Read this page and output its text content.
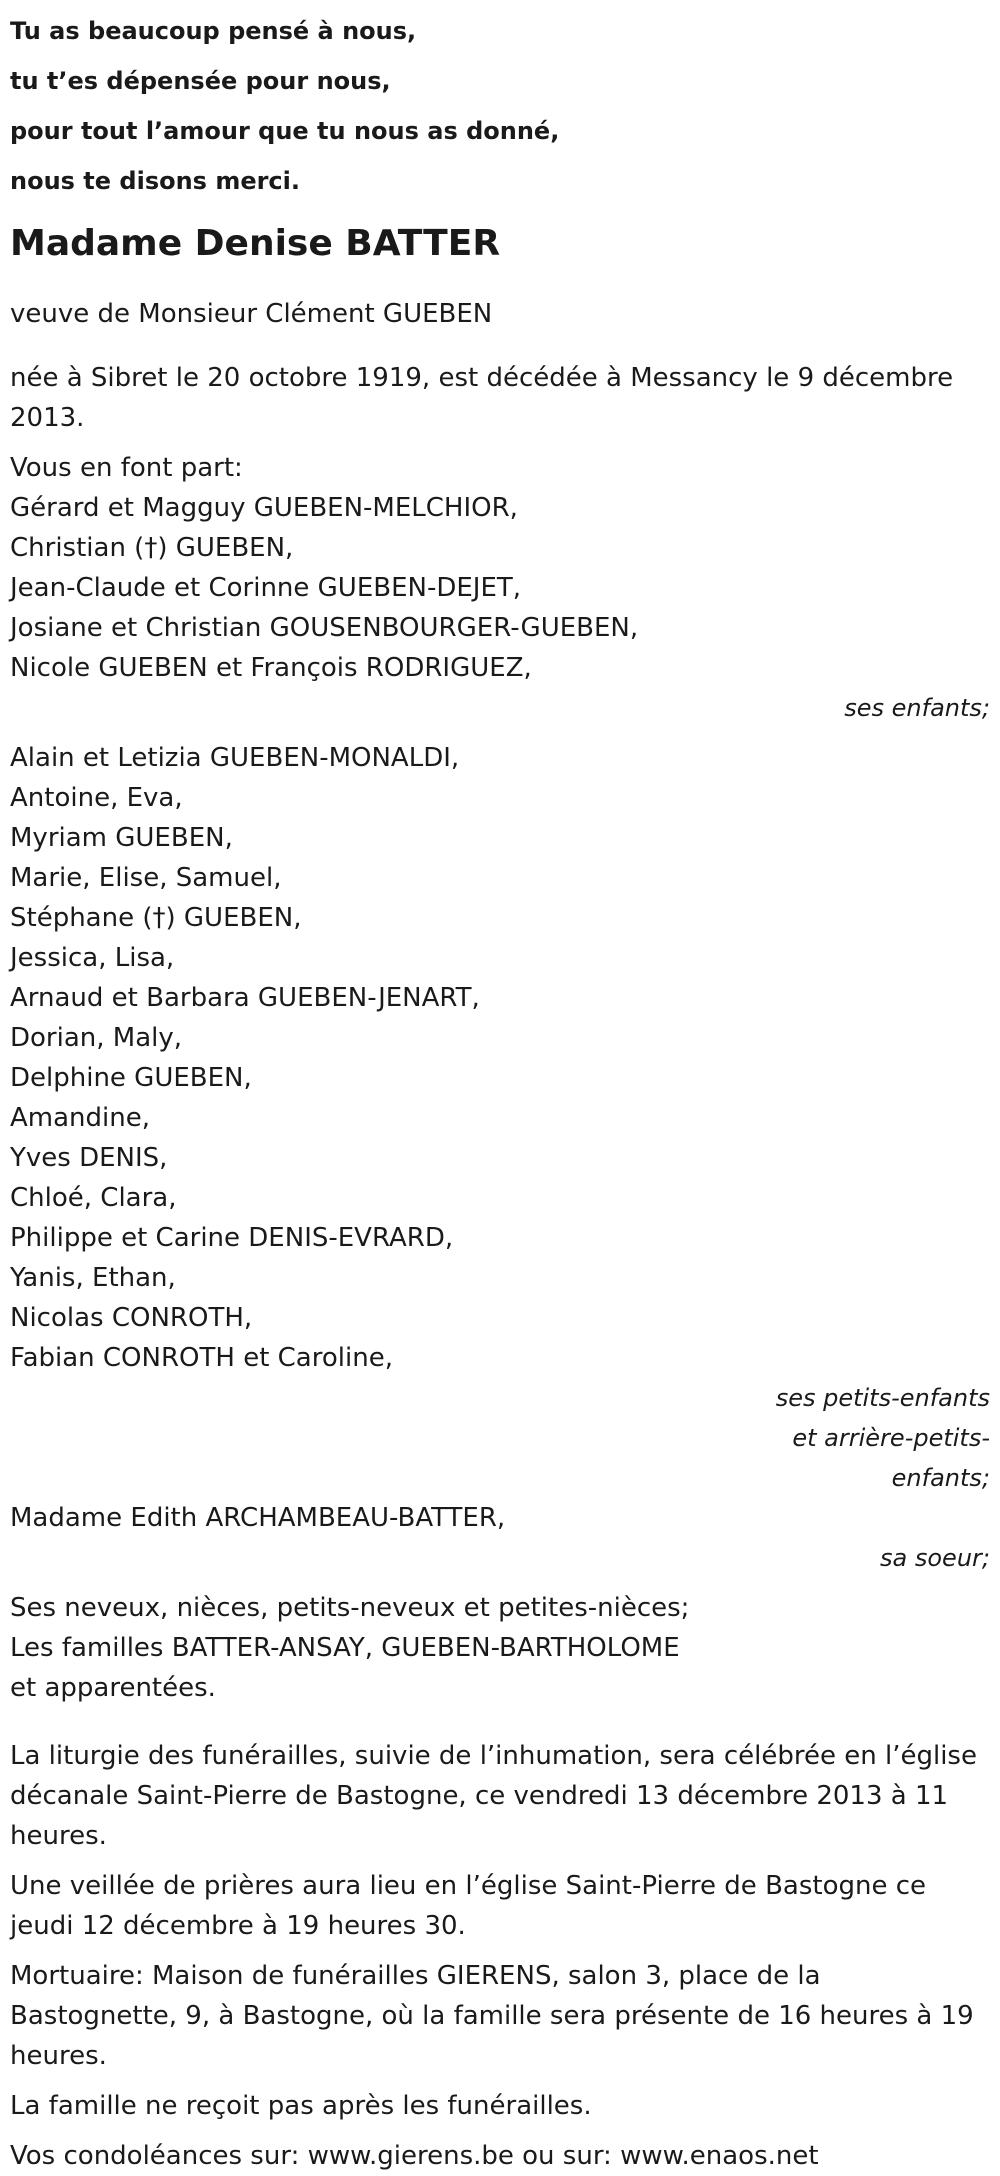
Tu as beaucoup pensé à nous,
tu t’es dépensée pour nous,
pour tout l’amour que tu nous as donné,
nous te disons merci.
Madame Denise BATTER

veuve de Monsieur Clément GUEBEN

née à Sibret le 20 octobre 1919, est décédée à Messancy le 9 décembre 2013.

Vous en font part:
Gérard et Magguy GUEBEN-MELCHIOR,
Christian (†) GUEBEN,
Jean-Claude et Corinne GUEBEN-DEJET,
Josiane et Christian GOUSENBOURGER-GUEBEN,
Nicole GUEBEN et François RODRIGUEZ,
ses enfants;
Alain et Letizia GUEBEN-MONALDI,
Antoine, Eva,
Myriam GUEBEN,
Marie, Elise, Samuel,
Stéphane (†) GUEBEN,
Jessica, Lisa,
Arnaud et Barbara GUEBEN-JENART,
Dorian, Maly,
Delphine GUEBEN,
Amandine,
Yves DENIS,
Chloé, Clara,
Philippe et Carine DENIS-EVRARD,
Yanis, Ethan,
Nicolas CONROTH,
Fabian CONROTH et Caroline,
ses petits-enfants et arrière-petits-enfants;
Madame Edith ARCHAMBEAU-BATTER,
sa soeur;
Ses neveux, nièces, petits-neveux et petites-nièces;
Les familles BATTER-ANSAY, GUEBEN-BARTHOLOME
et apparentées.

La liturgie des funérailles, suivie de l’inhumation, sera célébrée en l’église décanale Saint-Pierre de Bastogne, ce vendredi 13 décembre 2013 à 11 heures.

Une veillée de prières aura lieu en l’église Saint-Pierre de Bastogne ce jeudi 12 décembre à 19 heures 30.

Mortuaire: Maison de funérailles GIERENS, salon 3, place de la Bastognette, 9, à Bastogne, où la famille sera présente de 16 heures à 19 heures.

La famille ne reçoit pas après les funérailles.

Vos condoléances sur: www.gierens.be ou sur: www.enaos.net
